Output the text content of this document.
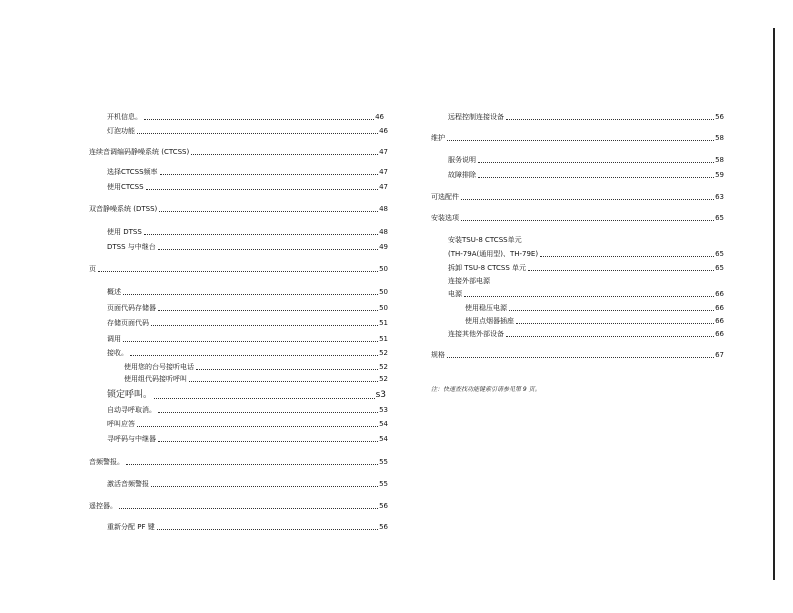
开机信息。	46
灯泡功能	46
连续音调编码静噪系统 (CTCSS)	47
选择CTCSS频率	47
使用CTCSS	47
双音静噪系统 (DTSS)	48
使用 DTSS	48
DTSS 与中继台	49
页	50
概述	50
页面代码存储器	50
存储页面代码	51
调用	51
接收。	52
使用您的台号接听电话	52
使用组代码接听呼叫	52
锁定呼叫。	s3
自动寻呼取消。	53
呼叫应答	54
寻呼码与中继器	54
音频警报。	55
激活音频警报	55
遥控器。	56
重新分配 PF 键	56
远程控制连接设备	56
维护	58
服务说明	58
故障排除	59
可选配件	63
安装选项	65
安装TSU-8 CTCSS单元
(TH-79A(通用型)、TH-79E)	65
拆卸 TSU-8 CTCSS 单元	65
连接外部电源
电源	66
使用稳压电源	66
使用点烟器插座	66
连接其他外部设备	66
规格	67
注：快速查找功能键索引请参见第 9 页。
